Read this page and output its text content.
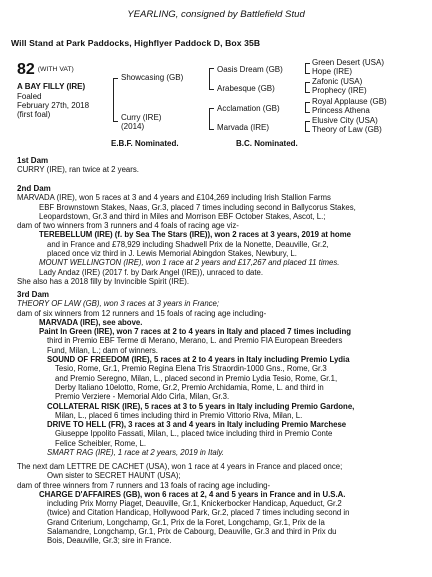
YEARLING, consigned by Battlefield Stud
Will Stand at Park Paddocks, Highflyer Paddock D, Box 35B
82 (WITH VAT)
A BAY FILLY (IRE)
Foaled
February 27th, 2018
(first foal)
Showcasing (GB)
Curry (IRE)
(2014)
Oasis Dream (GB)
Arabesque (GB)
Acclamation (GB)
Marvada (IRE)
Green Desert (USA)
Hope (IRE)
Zafonic (USA)
Prophecy (IRE)
Royal Applause (GB)
Princess Athena
Elusive City (USA)
Theory of Law (GB)
E.B.F. Nominated.	B.C. Nominated.
1st Dam
CURRY (IRE), ran twice at 2 years.
2nd Dam
MARVADA (IRE), won 5 races at 3 and 4 years and £104,269 including Irish Stallion Farms
EBF Brownstown Stakes, Naas, Gr.3, placed 7 times including second in Ballycorus Stakes,
Leopardstown, Gr.3 and third in Miles and Morrison EBF October Stakes, Ascot, L.;
dam of two winners from 3 runners and 4 foals of racing age viz-
TEREBELLUM (IRE) (f. by Sea The Stars (IRE)), won 2 races at 3 years, 2019 at home
and in France and £78,929 including Shadwell Prix de la Nonette, Deauville, Gr.2,
placed once viz third in J. Lewis Memorial Abingdon Stakes, Newbury, L.
MOUNT WELLINGTON (IRE), won 1 race at 2 years and £17,267 and placed 11 times.
Lady Andaz (IRE) (2017 f. by Dark Angel (IRE)), unraced to date.
She also has a 2018 filly by Invincible Spirit (IRE).
3rd Dam
THEORY OF LAW (GB), won 3 races at 3 years in France;
dam of six winners from 12 runners and 15 foals of racing age including-
MARVADA (IRE), see above.
Paint In Green (IRE), won 7 races at 2 to 4 years in Italy and placed 7 times including
third in Premio EBF Terme di Merano, Merano, L. and Premio FIA European Breeders
Fund, Milan, L.; dam of winners.
SOUND OF FREEDOM (IRE), 5 races at 2 to 4 years in Italy including Premio Lydia
Tesio, Rome, Gr.1, Premio Regina Elena Tris Straordin-1000 Gns., Rome, Gr.3
and Premio Seregno, Milan, L., placed second in Premio Lydia Tesio, Rome, Gr.1,
Derby Italiano 10elotto, Rome, Gr.2, Premio Archidamia, Rome, L. and third in
Premio Verziere - Memorial Aldo Cirla, Milan, Gr.3.
COLLATERAL RISK (IRE), 5 races at 3 to 5 years in Italy including Premio Gardone,
Milan, L., placed 6 times including third in Premio Vittorio Riva, Milan, L.
DRIVE TO HELL (FR), 3 races at 3 and 4 years in Italy including Premio Marchese
Giuseppe Ippolito Fassati, Milan, L., placed twice including third in Premio Conte
Felice Scheibler, Rome, L.
SMART RAG (IRE), 1 race at 2 years, 2019 in Italy.
The next dam LETTRE DE CACHET (USA), won 1 race at 4 years in France and placed once;
Own sister to SECRET HAUNT (USA);
dam of three winners from 7 runners and 13 foals of racing age including-
CHARGE D'AFFAIRES (GB), won 6 races at 2, 4 and 5 years in France and in U.S.A.
including Prix Morny Piaget, Deauville, Gr.1, Knickerbocker Handicap, Aqueduct, Gr.2
(twice) and Citation Handicap, Hollywood Park, Gr.2, placed 7 times including second in
Grand Criterium, Longchamp, Gr.1, Prix de la Foret, Longchamp, Gr.1, Prix de la
Salamandre, Longchamp, Gr.1, Prix de Cabourg, Deauville, Gr.3 and third in Prix du
Bois, Deauville, Gr.3; sire in France.
